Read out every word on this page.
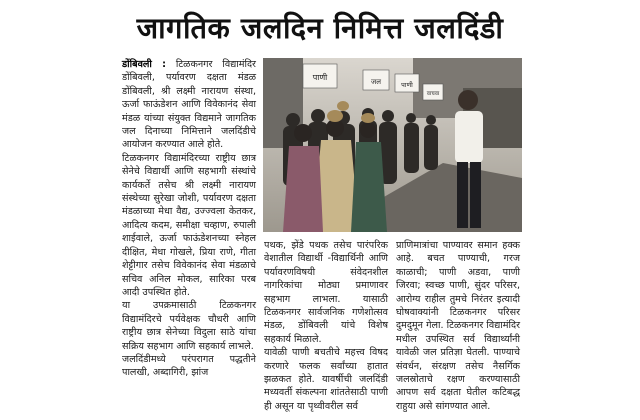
जागतिक जलदिन निमित्त जलदिंडी

डोंबिवली : टिळकनगर विद्यामंदिर डोंबिवली, पर्यावरण दक्षता मंडळ डोंबिवली, श्री लक्ष्मी नारायण संस्था, ऊर्जा फाऊंडेशन आणि विवेकानंद सेवा मंडळ यांच्या संयुक्त विद्यमाने जागतिक जल दिनाच्या निमित्ताने जलदिंडीचे आयोजन करण्यात आले होते.

टिळकनगर विद्यामंदिरच्या राष्ट्रीय छात्र सेनेचे विद्यार्थी आणि सहभागी संस्थांचे कार्यकर्ते तसेच श्री लक्ष्मी नारायण संस्थेच्या सुरेखा जोशी, पर्यावरण दक्षता मंडळाच्या मेधा वैद्य, उज्ज्वला केतकर, आदित्य कदम, समीक्षा चव्हाण, रुपाली शाईवाले, ऊर्जा फाऊंडेशनच्या स्नेहल दीक्षित, मेधा गोखले, प्रिया राणे, गीता शेट्टीगार तसेच विवेकानंद सेवा मंडळाचे सचिव अनिल मोकल, सारिका परब आदी उपस्थित होते.

या उपक्रमासाठी टिळकनगर विद्यामंदिरचे पर्यवेक्षक चौधरी आणि राष्ट्रीय छात्र सेनेच्या विदुला साठे यांचा सक्रिय सहभाग आणि सहकार्य लाभले.

जलदिंडीमध्ये परंपरागत पद्धतीने पालखी, अब्दागिरी, झांज

पाणी	जल	पाणी
वाचवा

पथक, झेंडे पथक तसेच पारंपरिक वेशातील विद्यार्थी -विद्यार्थिनी आणि पर्यावरणविषयी संवेदनशील नागरिकांचा मोठ्या प्रमाणावर सहभाग लाभला. यासाठी टिळकनगर सार्वजनिक गणेशोत्सव मंडळ, डोंबिवली यांचे विशेष सहकार्य मिळाले.

यावेळी पाणी बचतीचे महत्त्व विषद करणारे फलक सर्वांच्या हातात झळकत होते. यावर्षीची जलदिंडी मध्यवर्ती संकल्पना शांततेसाठी पाणी ही असून या पृथ्वीवरील सर्व

प्राणिमात्रांचा पाण्यावर समान हक्क आहे. बचत पाण्याची, गरज काळाची; पाणी अडवा, पाणी जिरवा; स्वच्छ पाणी, सुंदर परिसर, आरोग्य राहील तुमचे निरंतर इत्यादी घोषवाक्यांनी टिळकनगर परिसर दुमदुमून गेला. टिळकनगर विद्यामंदिर मधील उपस्थित सर्व विद्यार्थ्यांनी यावेळी जल प्रतिज्ञा घेतली. पाण्याचे संवर्धन, संरक्षण तसेच नैसर्गिक जलस्रोताचे रक्षण करण्यासाठी आपण सर्व दक्षता घेतील कटिबद्ध राहुया असे सांगण्यात आले.
